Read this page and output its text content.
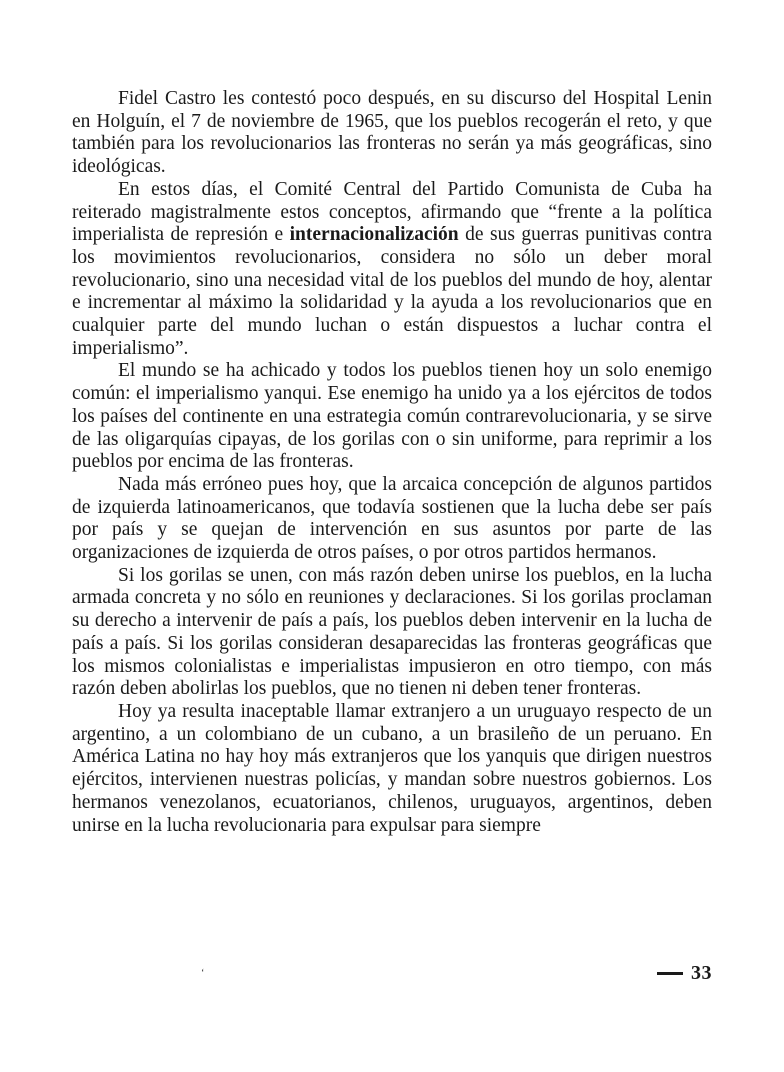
Fidel Castro les contestó poco después, en su discurso del Hospital Lenin en Holguín, el 7 de noviembre de 1965, que los pueblos recogerán el reto, y que también para los revolucionarios las fronteras no serán ya más geográficas, sino ideológicas.

En estos días, el Comité Central del Partido Comunista de Cuba ha reiterado magistralmente estos conceptos, afirmando que “frente a la política imperialista de represión e internacionalización de sus guerras punitivas contra los movimientos revolucionarios, considera no sólo un deber moral revolucionario, sino una necesidad vital de los pueblos del mundo de hoy, alentar e incrementar al máximo la solidaridad y la ayuda a los revolucionarios que en cualquier parte del mundo luchan o están dispuestos a luchar contra el imperialismo”.

El mundo se ha achicado y todos los pueblos tienen hoy un solo enemigo común: el imperialismo yanqui. Ese enemigo ha unido ya a los ejércitos de todos los países del continente en una estrategia común contrarevolucionaria, y se sirve de las oligarquías cipayas, de los gorilas con o sin uniforme, para reprimir a los pueblos por encima de las fronteras.

Nada más erróneo pues hoy, que la arcaica concepción de algunos partidos de izquierda latinoamericanos, que todavía sostienen que la lucha debe ser país por país y se quejan de intervención en sus asuntos por parte de las organizaciones de izquierda de otros países, o por otros partidos hermanos.

Si los gorilas se unen, con más razón deben unirse los pueblos, en la lucha armada concreta y no sólo en reuniones y declaraciones. Si los gorilas proclaman su derecho a intervenir de país a país, los pueblos deben intervenir en la lucha de país a país. Si los gorilas consideran desaparecidas las fronteras geográficas que los mismos colonialistas e imperialistas impusieron en otro tiempo, con más razón deben abolirlas los pueblos, que no tienen ni deben tener fronteras.

Hoy ya resulta inaceptable llamar extranjero a un uruguayo respecto de un argentino, a un colombiano de un cubano, a un brasileño de un peruano. En América Latina no hay hoy más extranjeros que los yanquis que dirigen nuestros ejércitos, intervienen nuestras policías, y mandan sobre nuestros gobiernos. Los hermanos venezolanos, ecuatorianos, chilenos, uruguayos, argentinos, deben unirse en la lucha revolucionaria para expulsar para siempre

‘	33
